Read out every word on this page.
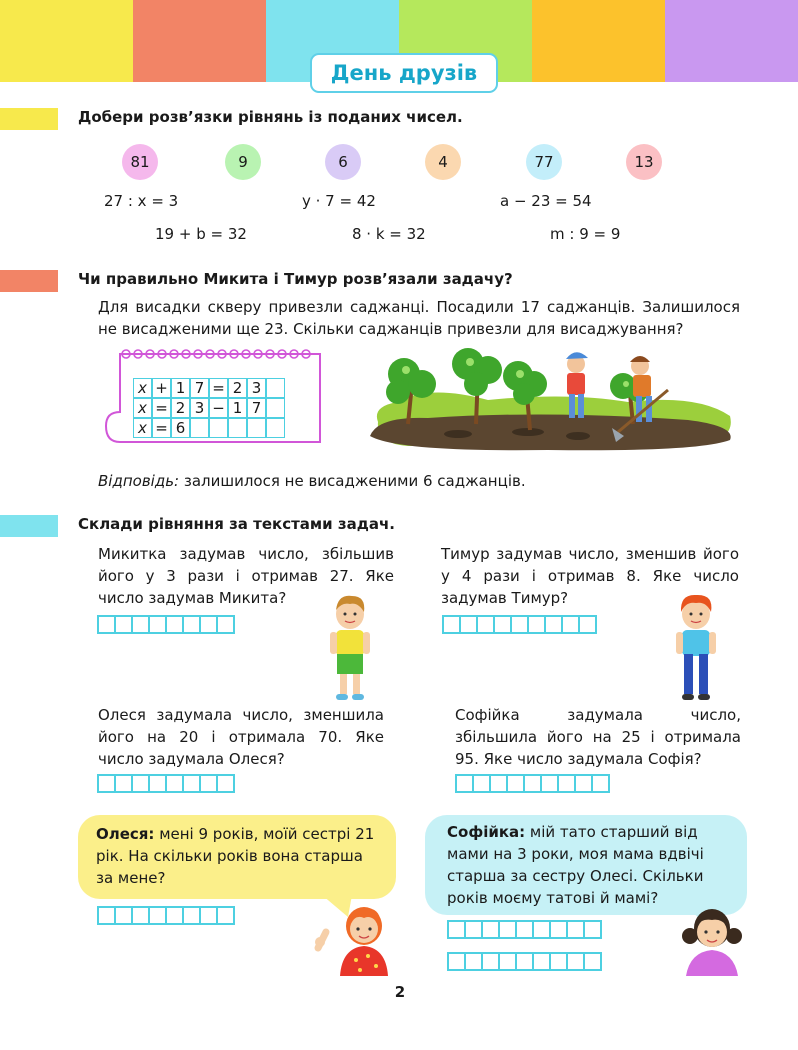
День друзів
Добери розв’язки рівнянь із поданих чисел.
81	9	6	4	77	13
27 : x = 3	y · 7 = 42	a − 23 = 54
19 + b = 32	8 · k = 32	m : 9 = 9
Чи правильно Микита і Тимур розв’язали задачу?
Для висадки скверу привезли саджанці. Посадили 17 саджанців. Залишилося не висадженими ще 23. Скільки саджанців привезли для висаджування?
x + 1 7 = 2 3
x = 2 3 − 1 7
x = 6
Відповідь: залишилося не висадженими 6 саджанців.
Склади рівняння за текстами задач.
Микитка задумав число, збільшив його у 3 рази і отримав 27. Яке число задумав Микита?
Тимур задумав число, зменшив його у 4 рази і отримав 8. Яке число задумав Тимур?
Олеся задумала число, зменшила його на 20 і отримала 70. Яке число задумала Олеся?
Софійка задумала число, збільшила його на 25 і отримала 95. Яке число задумала Софія?
Олеся: мені 9 років, моїй сестрі 21 рік. На скільки років вона старша за мене?
Софійка: мій тато старший від мами на 3 роки, моя мама вдвічі старша за сестру Олесі. Скільки років моєму татові й мамі?
2
